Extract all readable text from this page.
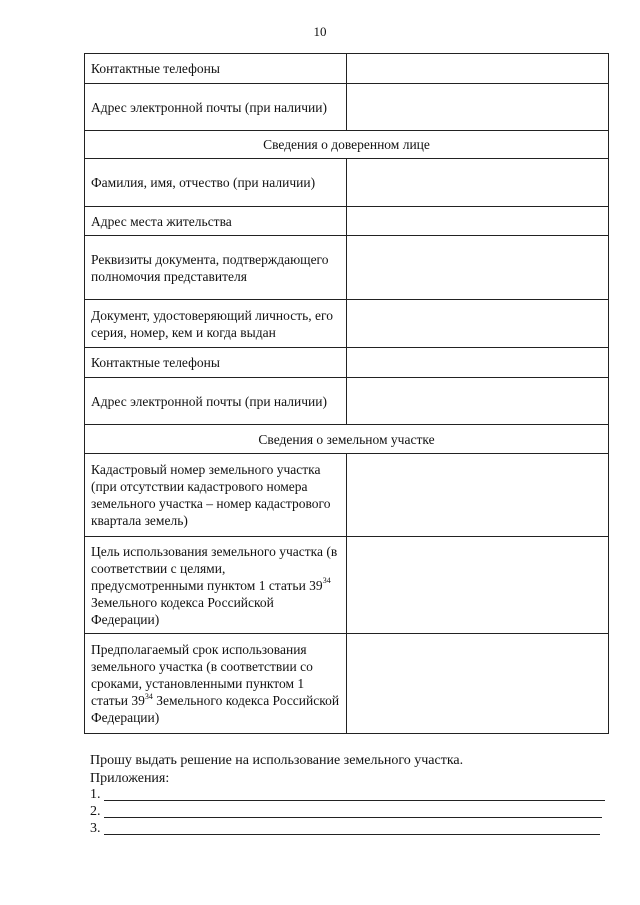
10
Контактные телефоны	
Адрес электронной почты (при наличии)	
Сведения о доверенном лице	
Фамилия, имя, отчество (при наличии)	
Адрес места жительства	
Реквизиты документа, подтверждающего полномочия представителя	
Документ, удостоверяющий личность, его серия, номер, кем и когда выдан	
Контактные телефоны	
Адрес электронной почты (при наличии)	
Сведения о земельном участке	
Кадастровый номер земельного участка (при отсутствии кадастрового номера земельного участка – номер кадастрового квартала земель)	
Цель использования земельного участка (в соответствии с целями, предусмотренными пунктом 1 статьи $39^{34}$ Земельного кодекса Российской Федерации)	
Предполагаемый срок использования земельного участка (в соответствии со сроками, установленными пунктом 1 статьи $39^{34}$ Земельного кодекса Российской Федерации)	
Прошу выдать решение на использование земельного участка.
Приложения:
1.
2.
3.
